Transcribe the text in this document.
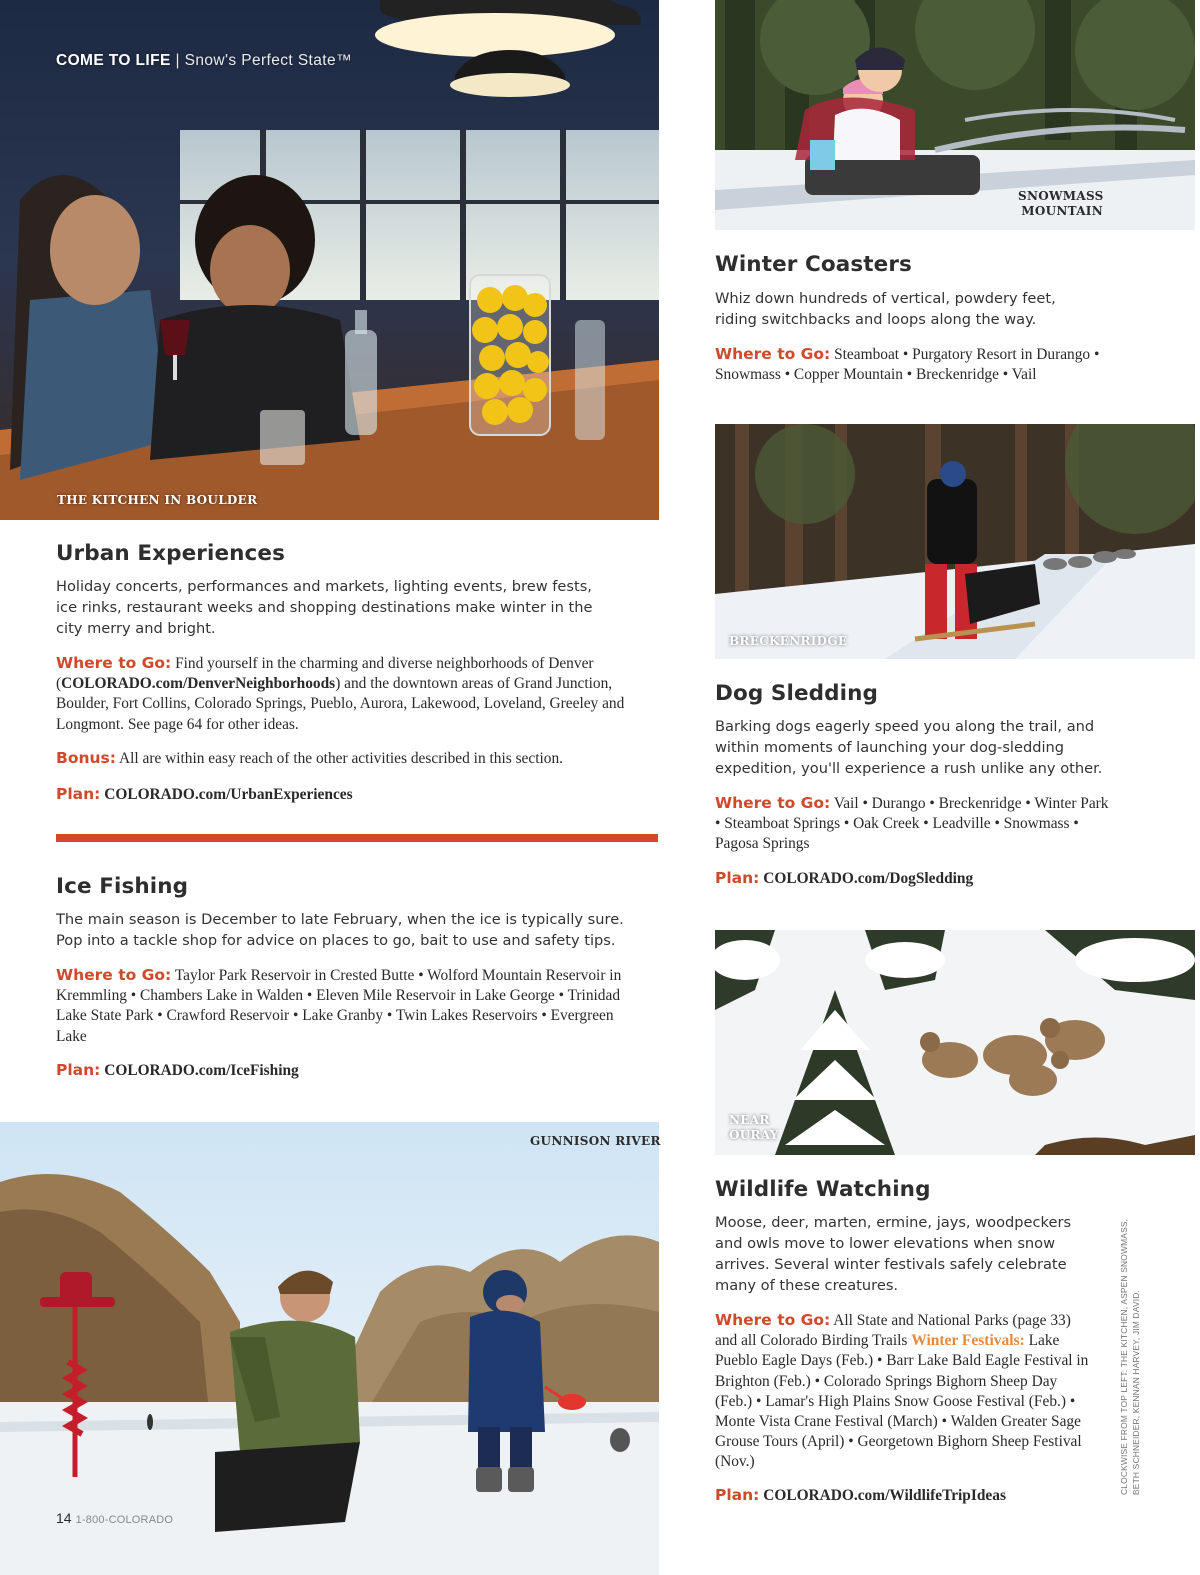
COME TO LIFE | Snow's Perfect State™
THE KITCHEN IN BOULDER
Urban Experiences

Holiday concerts, performances and markets, lighting events, brew fests, ice rinks, restaurant weeks and shopping destinations make winter in the city merry and bright.

Where to Go: Find yourself in the charming and diverse neighborhoods of Denver (COLORADO.com/DenverNeighborhoods) and the downtown areas of Grand Junction, Boulder, Fort Collins, Colorado Springs, Pueblo, Aurora, Lakewood, Loveland, Greeley and Longmont. See page 64 for other ideas.

Bonus: All are within easy reach of the other activities described in this section.

Plan: COLORADO.com/UrbanExperiences

Ice Fishing

The main season is December to late February, when the ice is typically sure. Pop into a tackle shop for advice on places to go, bait to use and safety tips.

Where to Go: Taylor Park Reservoir in Crested Butte • Wolford Mountain Reservoir in Kremmling • Chambers Lake in Walden • Eleven Mile Reservoir in Lake George • Trinidad Lake State Park • Crawford Reservoir • Lake Granby • Twin Lakes Reservoirs • Evergreen Lake

Plan: COLORADO.com/IceFishing

GUNNISON RIVER
14 1-800-COLORADO
SNOWMASS MOUNTAIN
Winter Coasters

Whiz down hundreds of vertical, powdery feet, riding switchbacks and loops along the way.

Where to Go: Steamboat • Purgatory Resort in Durango • Snowmass • Copper Mountain • Breckenridge • Vail

BRECKENRIDGE
Dog Sledding

Barking dogs eagerly speed you along the trail, and within moments of launching your dog-sledding expedition, you'll experience a rush unlike any other.

Where to Go: Vail • Durango • Breckenridge • Winter Park • Steamboat Springs • Oak Creek • Leadville • Snowmass • Pagosa Springs

Plan: COLORADO.com/DogSledding

NEAR OURAY
Wildlife Watching

Moose, deer, marten, ermine, jays, woodpeckers and owls move to lower elevations when snow arrives. Several winter festivals safely celebrate many of these creatures.

Where to Go: All State and National Parks (page 33) and all Colorado Birding Trails Winter Festivals: Lake Pueblo Eagle Days (Feb.) • Barr Lake Bald Eagle Festival in Brighton (Feb.) • Colorado Springs Bighorn Sheep Day (Feb.) • Lamar's High Plains Snow Goose Festival (Feb.) • Monte Vista Crane Festival (March) • Walden Greater Sage Grouse Tours (April) • Georgetown Bighorn Sheep Festival (Nov.)

Plan: COLORADO.com/WildlifeTripIdeas

CLOCKWISE FROM TOP LEFT: THE KITCHEN, ASPEN SNOWMASS, BETH SCHNEIDER, KENNAN HARVEY, JIM DAVID.
